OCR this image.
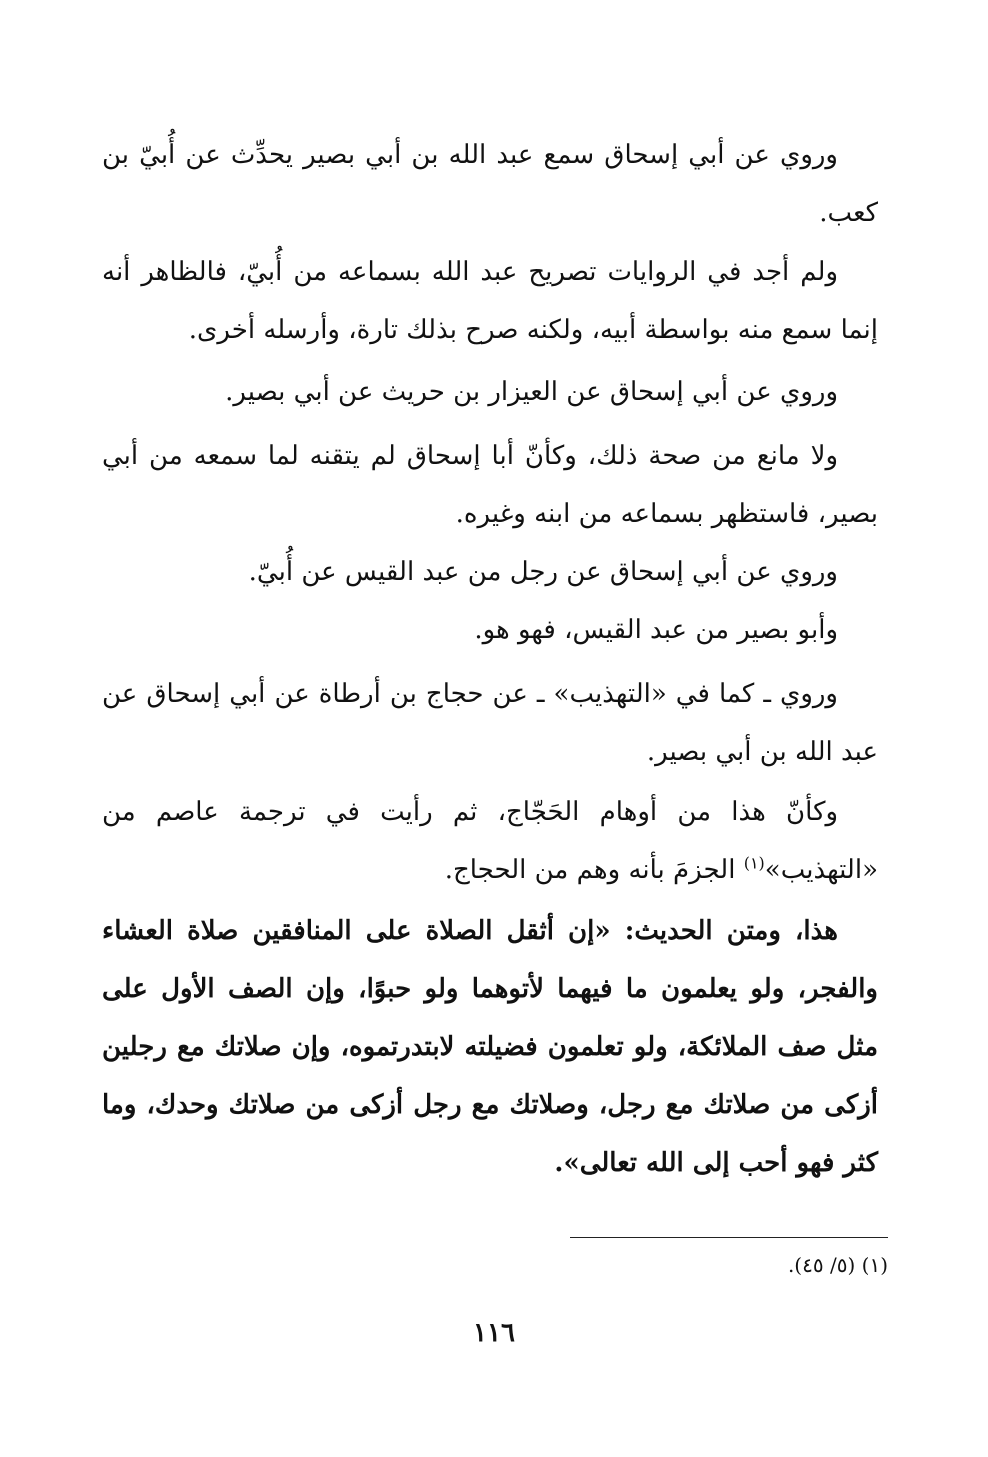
وروي عن أبي إسحاق سمع عبد الله بن أبي بصير يحدِّث عن أُبيّ بن كعب.

ولم أجد في الروايات تصريح عبد الله بسماعه من أُبيّ، فالظاهر أنه إنما سمع منه بواسطة أبيه، ولكنه صرح بذلك تارة، وأرسله أخرى.

وروي عن أبي إسحاق عن العيزار بن حريث عن أبي بصير.

ولا مانع من صحة ذلك، وكأنّ أبا إسحاق لم يتقنه لما سمعه من أبي بصير، فاستظهر بسماعه من ابنه وغيره.

وروي عن أبي إسحاق عن رجل من عبد القيس عن أُبيّ.

وأبو بصير من عبد القيس، فهو هو.

وروي ـ كما في «التهذيب» ـ عن حجاج بن أرطاة عن أبي إسحاق عن عبد الله بن أبي بصير.

وكأنّ هذا من أوهام الحَجّاج، ثم رأيت في ترجمة عاصم من «التهذيب»$^{(١)}$ الجزمَ بأنه وهم من الحجاج.

هذا، ومتن الحديث: «إن أثقل الصلاة على المنافقين صلاة العشاء والفجر، ولو يعلمون ما فيهما لأتوهما ولو حبوًا، وإن الصف الأول على مثل صف الملائكة، ولو تعلمون فضيلته لابتدرتموه، وإن صلاتك مع رجلين أزكى من صلاتك مع رجل، وصلاتك مع رجل أزكى من صلاتك وحدك، وما كثر فهو أحب إلى الله تعالى».

(١) (٥/ ٤٥).
١١٦
